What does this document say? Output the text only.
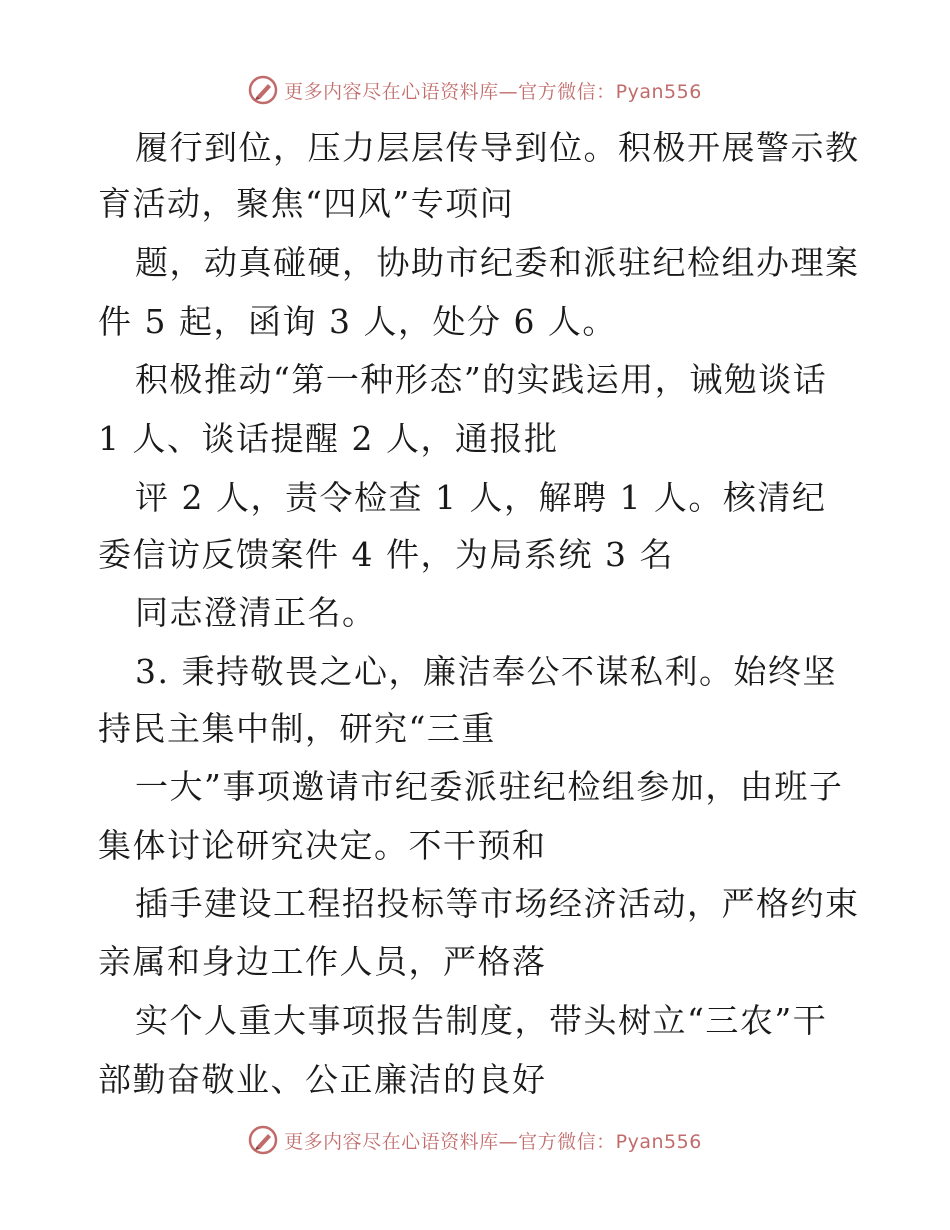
更多内容尽在心语资料库—官方微信：Pyan556
履行到位，压力层层传导到位。积极开展警示教
育活动，聚焦“四风”专项问
题，动真碰硬，协助市纪委和派驻纪检组办理案
件 5 起，函询 3 人，处分 6 人。
积极推动“第一种形态”的实践运用，诫勉谈话
1 人、谈话提醒 2 人，通报批
评 2 人，责令检查 1 人，解聘 1 人。核清纪
委信访反馈案件 4 件，为局系统 3 名
同志澄清正名。
3. 秉持敬畏之心，廉洁奉公不谋私利。始终坚
持民主集中制，研究“三重
一大”事项邀请市纪委派驻纪检组参加，由班子
集体讨论研究决定。不干预和
插手建设工程招投标等市场经济活动，严格约束
亲属和身边工作人员，严格落
实个人重大事项报告制度，带头树立“三农”干
部勤奋敬业、公正廉洁的良好
更多内容尽在心语资料库—官方微信：Pyan556
